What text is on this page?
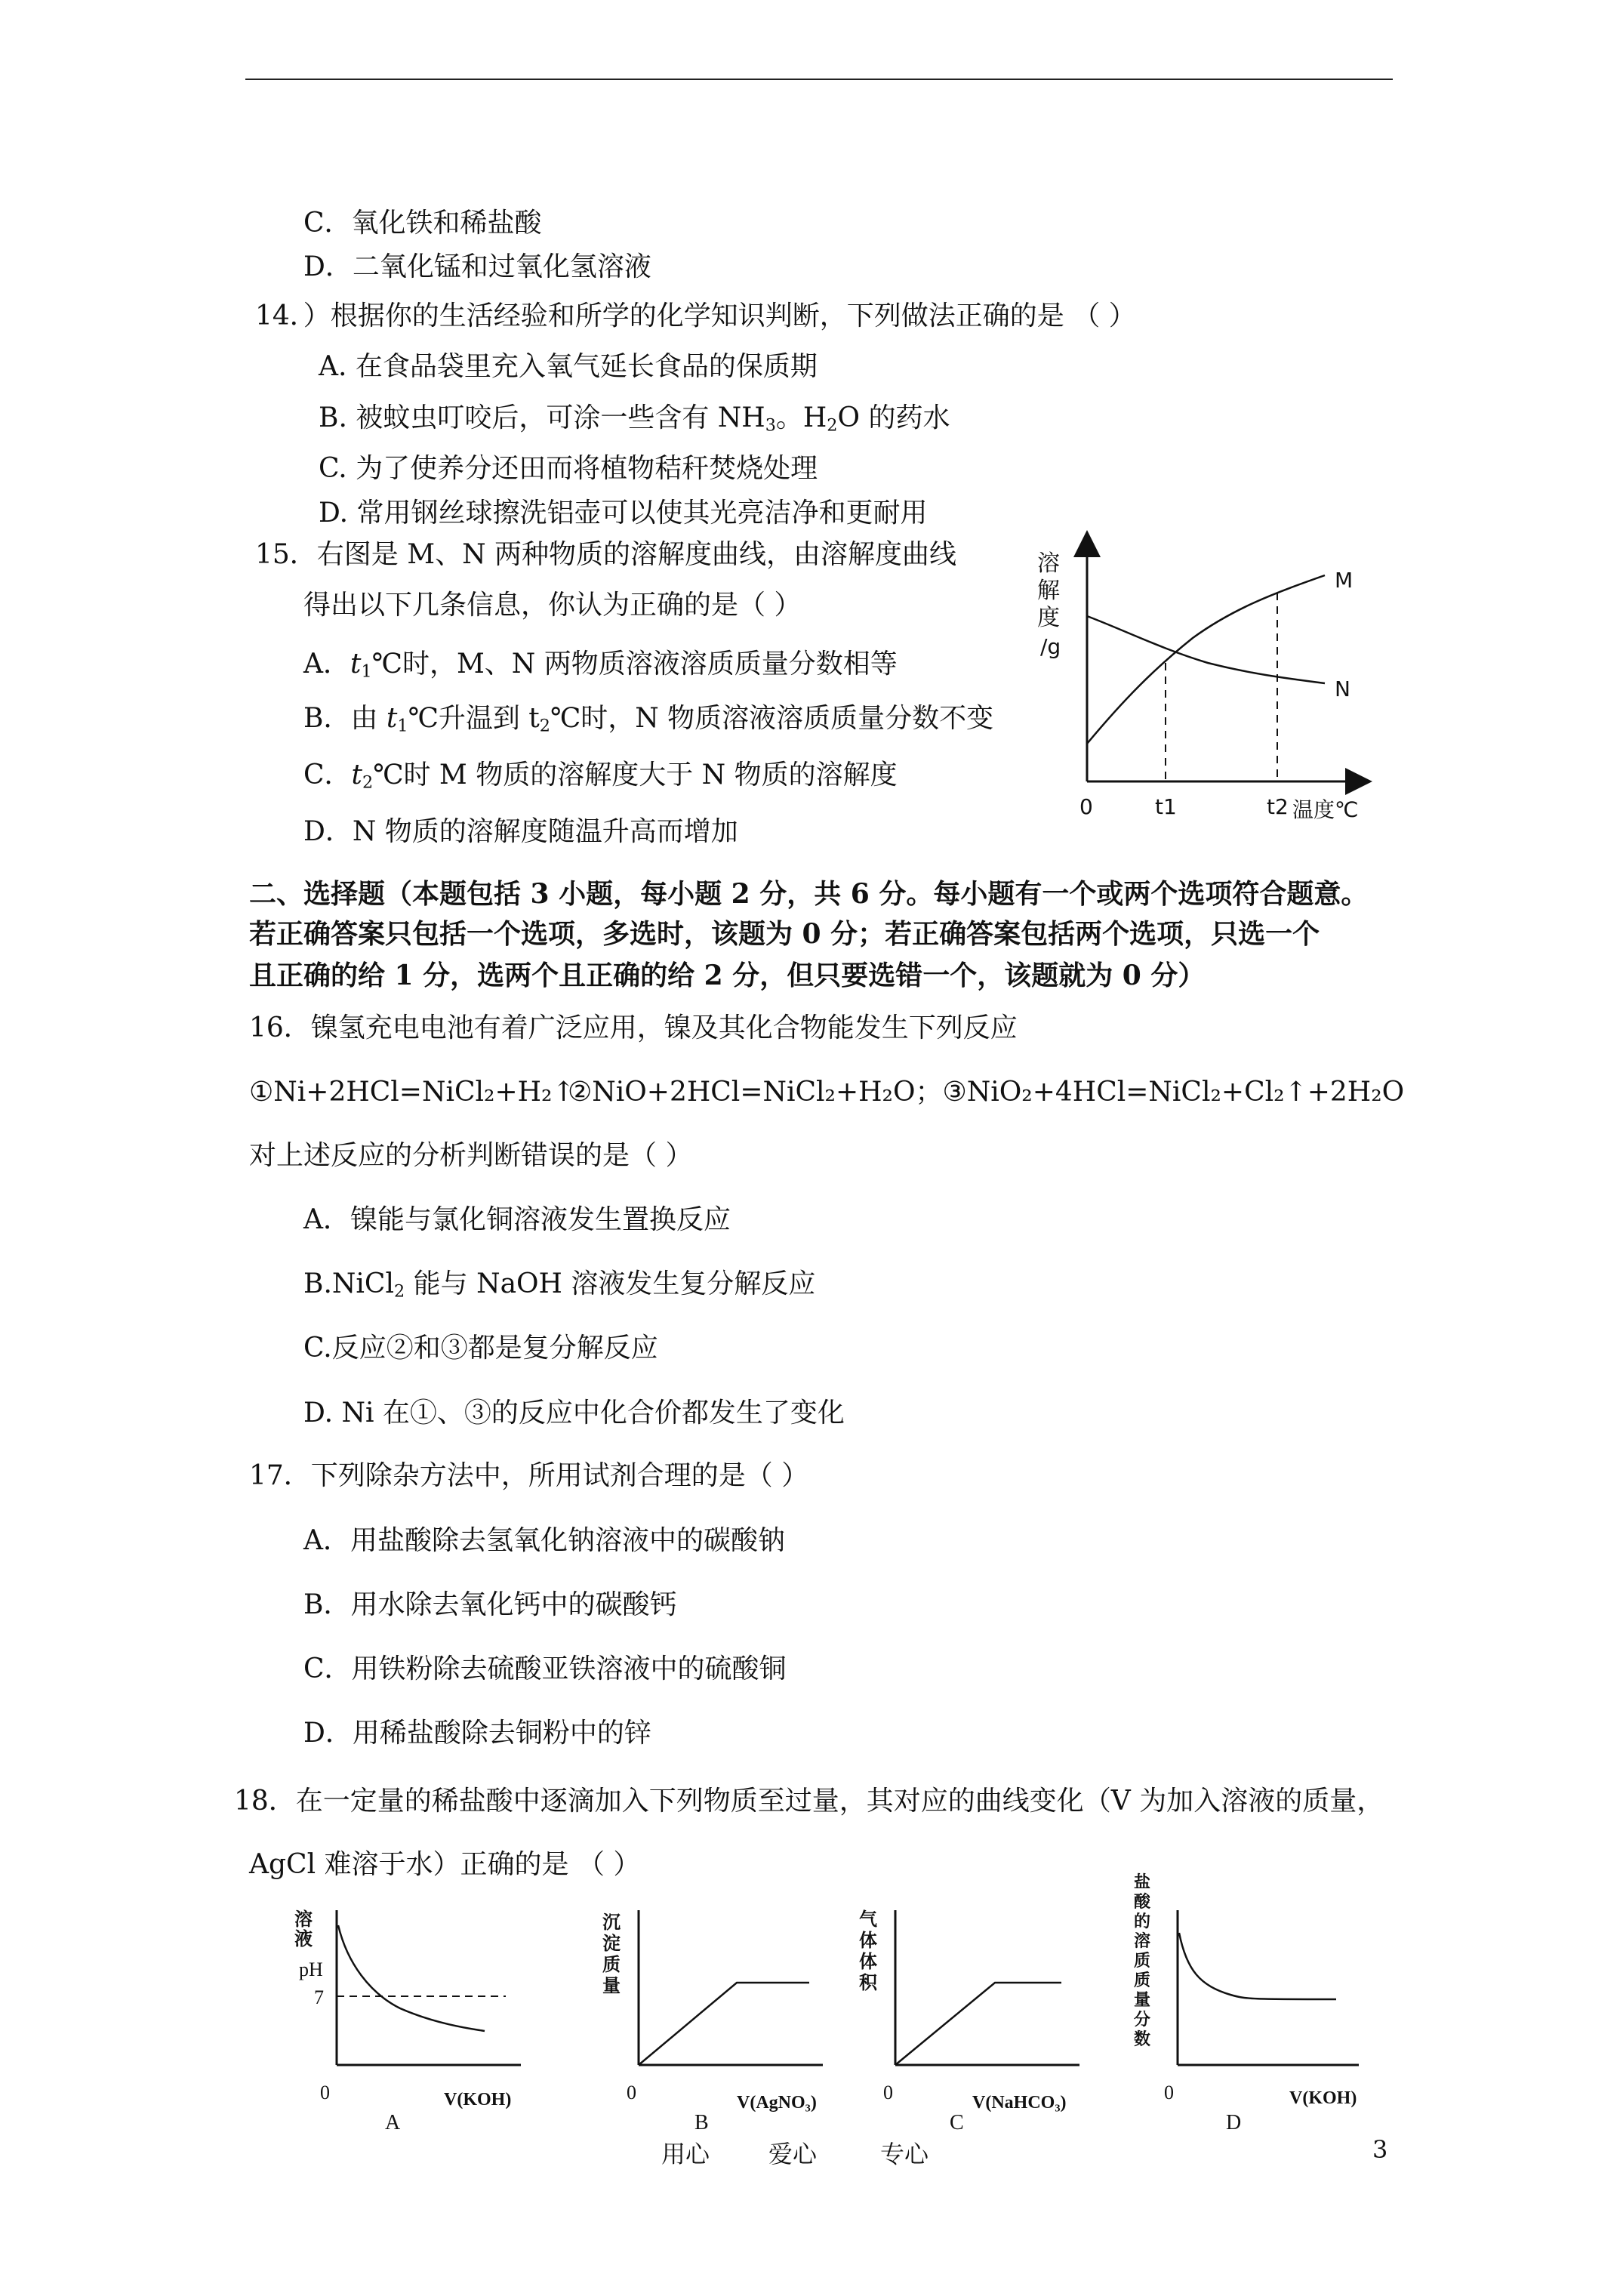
C．氧化铁和稀盐酸
D．二氧化锰和过氧化氢溶液
14．）根据你的生活经验和所学的化学知识判断，下列做法正确的是 （ ）
A. 在食品袋里充入氧气延长食品的保质期
B. 被蚊虫叮咬后，可涂一些含有 $NH_3$。$H_2O$ 的药水
C. 为了使养分还田而将植物秸秆焚烧处理
D. 常用钢丝球擦洗铝壶可以使其光亮洁净和更耐用
15．右图是 M、N 两种物质的溶解度曲线，由溶解度曲线
得出以下几条信息，你认为正确的是（ ）
A．$t_1℃$时，M、N 两物质溶液溶质质量分数相等
B．由 $t_1℃$升温到 $t_2℃$时，N 物质溶液溶质质量分数不变
C．$t_2℃$时 M 物质的溶解度大于 N 物质的溶解度
D．N 物质的溶解度随温升高而增加
溶
解
度
/g
M
N
0	t1	t2 温度℃
二、选择题（本题包括 3 小题，每小题 2 分，共 6 分。每小题有一个或两个选项符合题意。
若正确答案只包括一个选项，多选时，该题为 0 分；若正确答案包括两个选项，只选一个
且正确的给 1 分，选两个且正确的给 2 分，但只要选错一个，该题就为 0 分）
16．镍氢充电电池有着广泛应用，镍及其化合物能发生下列反应
①Ni+2HCl=NiCl₂+H₂↑
②NiO+2HCl=NiCl₂+H₂O；③NiO₂+4HCl=NiCl₂+Cl₂↑+2H₂O
对上述反应的分析判断错误的是（ ）
A．镍能与氯化铜溶液发生置换反应
B.NiCl$_2$ 能与 NaOH 溶液发生复分解反应
C.反应②和③都是复分解反应
D. Ni 在①、③的反应中化合价都发生了变化
17．下列除杂方法中，所用试剂合理的是（ ）
A．用盐酸除去氢氧化钠溶液中的碳酸钠
B．用水除去氧化钙中的碳酸钙
C．用铁粉除去硫酸亚铁溶液中的硫酸铜
D．用稀盐酸除去铜粉中的锌
18．在一定量的稀盐酸中逐滴加入下列物质至过量，其对应的曲线变化（V 为加入溶液的质量，
AgCl 难溶于水）正确的是 （ ）
溶
液
pH
7
0	V(KOH)
A
沉
淀
质
量
0	V(AgNO₃)
B
气
体
体
积
0	V(NaHCO₃)
C
盐
酸
的
溶
质
质
量
分
数
0	V(KOH)
D
用心 爱心	专心	3
